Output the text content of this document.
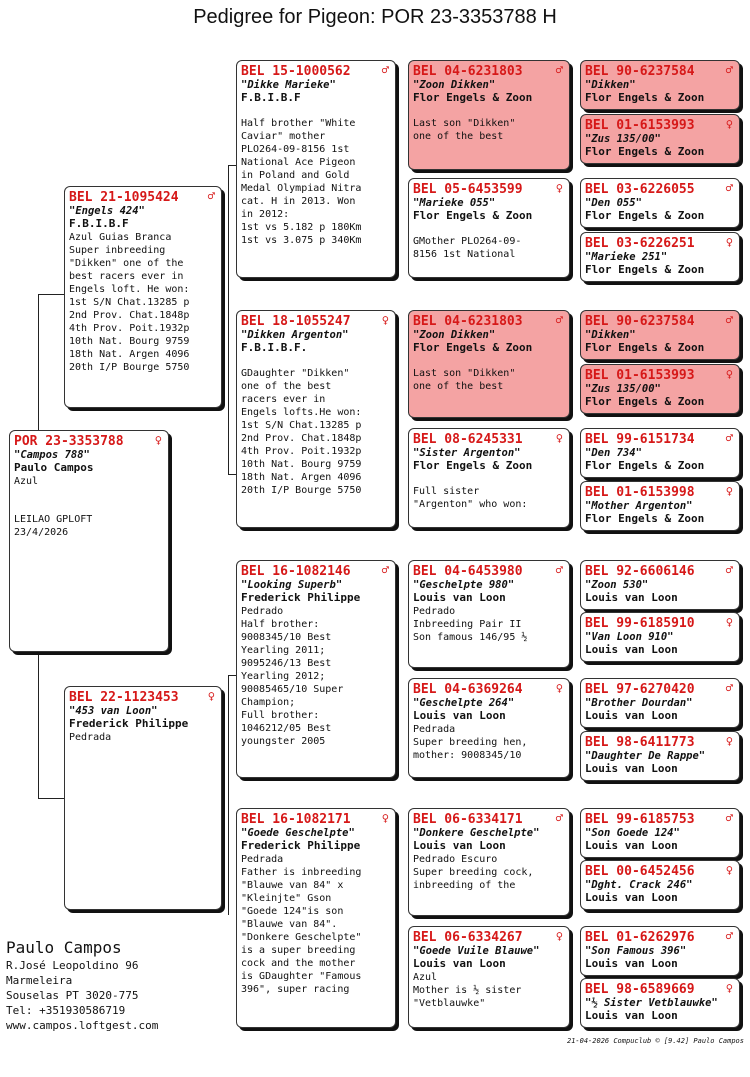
Pedigree for Pigeon: POR 23-3353788 H
POR 23-3353788	♀
"Campos 788"
Paulo Campos
Azul

LEILAO GPLOFT
23/4/2026
BEL 21-1095424	♂
"Engels 424"
F.B.I.B.F
Azul Guias Branca
Super inbreeding
"Dikken" one of the
best racers ever in
Engels loft. He won:
1st S/N Chat.13285 p
2nd Prov. Chat.1848p
4th Prov. Poit.1932p
10th Nat. Bourg 9759
18th Nat. Argen 4096
20th I/P Bourge 5750
BEL 22-1123453	♀
"453 van Loon"
Frederick Philippe
Pedrada
BEL 15-1000562	♂
"Dikke Marieke"
F.B.I.B.F
Half brother "White
Caviar" mother
PLO264-09-8156 1st
National Ace Pigeon
in Poland and Gold
Medal Olympiad Nitra
cat. H in 2013. Won
in 2012:
1st vs 5.182 p 180Km
1st vs 3.075 p 340Km
BEL 18-1055247	♀
"Dikken Argenton"
F.B.I.B.F.
GDaughter "Dikken"
one of the best
racers ever in
Engels lofts.He won:
1st S/N Chat.13285 p
2nd Prov. Chat.1848p
4th Prov. Poit.1932p
10th Nat. Bourg 9759
18th Nat. Argen 4096
20th I/P Bourge 5750
BEL 16-1082146	♂
"Looking Superb"
Frederick Philippe
Pedrado
Half brother:
9008345/10 Best
Yearling 2011;
9095246/13 Best
Yearling 2012;
90085465/10 Super
Champion;
Full brother:
1046212/05 Best
youngster 2005
BEL 16-1082171	♀
"Goede Geschelpte"
Frederick Philippe
Pedrada
Father is inbreeding
"Blauwe van 84" x
"Kleinjte" Gson
"Goede 124"is son
"Blauwe van 84".
"Donkere Geschelpte"
is a super breeding
cock and the mother
is GDaughter "Famous
396", super racing
BEL 04-6231803	♂
"Zoon Dikken"
Flor Engels & Zoon
Last son "Dikken"
one of the best
BEL 05-6453599	♀
"Marieke 055"
Flor Engels & Zoon
GMother PLO264-09-
8156 1st National
BEL 04-6231803	♂
"Zoon Dikken"
Flor Engels & Zoon
Last son "Dikken"
one of the best
BEL 08-6245331	♀
"Sister Argenton"
Flor Engels & Zoon
Full sister
"Argenton" who won:
BEL 04-6453980	♂
"Geschelpte 980"
Louis van Loon
Pedrado
Inbreeding Pair II
Son famous 146/95 ½
BEL 04-6369264	♀
"Geschelpte 264"
Louis van Loon
Pedrada
Super breeding hen,
mother: 9008345/10
BEL 06-6334171	♂
"Donkere Geschelpte"
Louis van Loon
Pedrado Escuro
Super breeding cock,
inbreeding of the
BEL 06-6334267	♀
"Goede Vuile Blauwe"
Louis van Loon
Azul
Mother is ½ sister
"Vetblauwke"
BEL 90-6237584	♂
"Dikken"
Flor Engels & Zoon
BEL 01-6153993	♀
"Zus 135/00"
Flor Engels & Zoon
BEL 03-6226055	♂
"Den 055"
Flor Engels & Zoon
BEL 03-6226251	♀
"Marieke 251"
Flor Engels & Zoon
BEL 90-6237584	♂
"Dikken"
Flor Engels & Zoon
BEL 01-6153993	♀
"Zus 135/00"
Flor Engels & Zoon
BEL 99-6151734	♂
"Den 734"
Flor Engels & Zoon
BEL 01-6153998	♀
"Mother Argenton"
Flor Engels & Zoon
BEL 92-6606146	♂
"Zoon 530"
Louis van Loon
BEL 99-6185910	♀
"Van Loon 910"
Louis van Loon
BEL 97-6270420	♂
"Brother Dourdan"
Louis van Loon
BEL 98-6411773	♀
"Daughter De Rappe"
Louis van Loon
BEL 99-6185753	♂
"Son Goede 124"
Louis van Loon
BEL 00-6452456	♀
"Dght. Crack 246"
Louis van Loon
BEL 01-6262976	♂
"Son Famous 396"
Louis van Loon
BEL 98-6589669	♀
"½ Sister Vetblauwke"
Louis van Loon
Paulo Campos
R.José Leopoldino 96
Marmeleira
Souselas PT 3020-775
Tel: +351930586719
www.campos.loftgest.com
21-04-2026 Compuclub © [9.42] Paulo Campos
